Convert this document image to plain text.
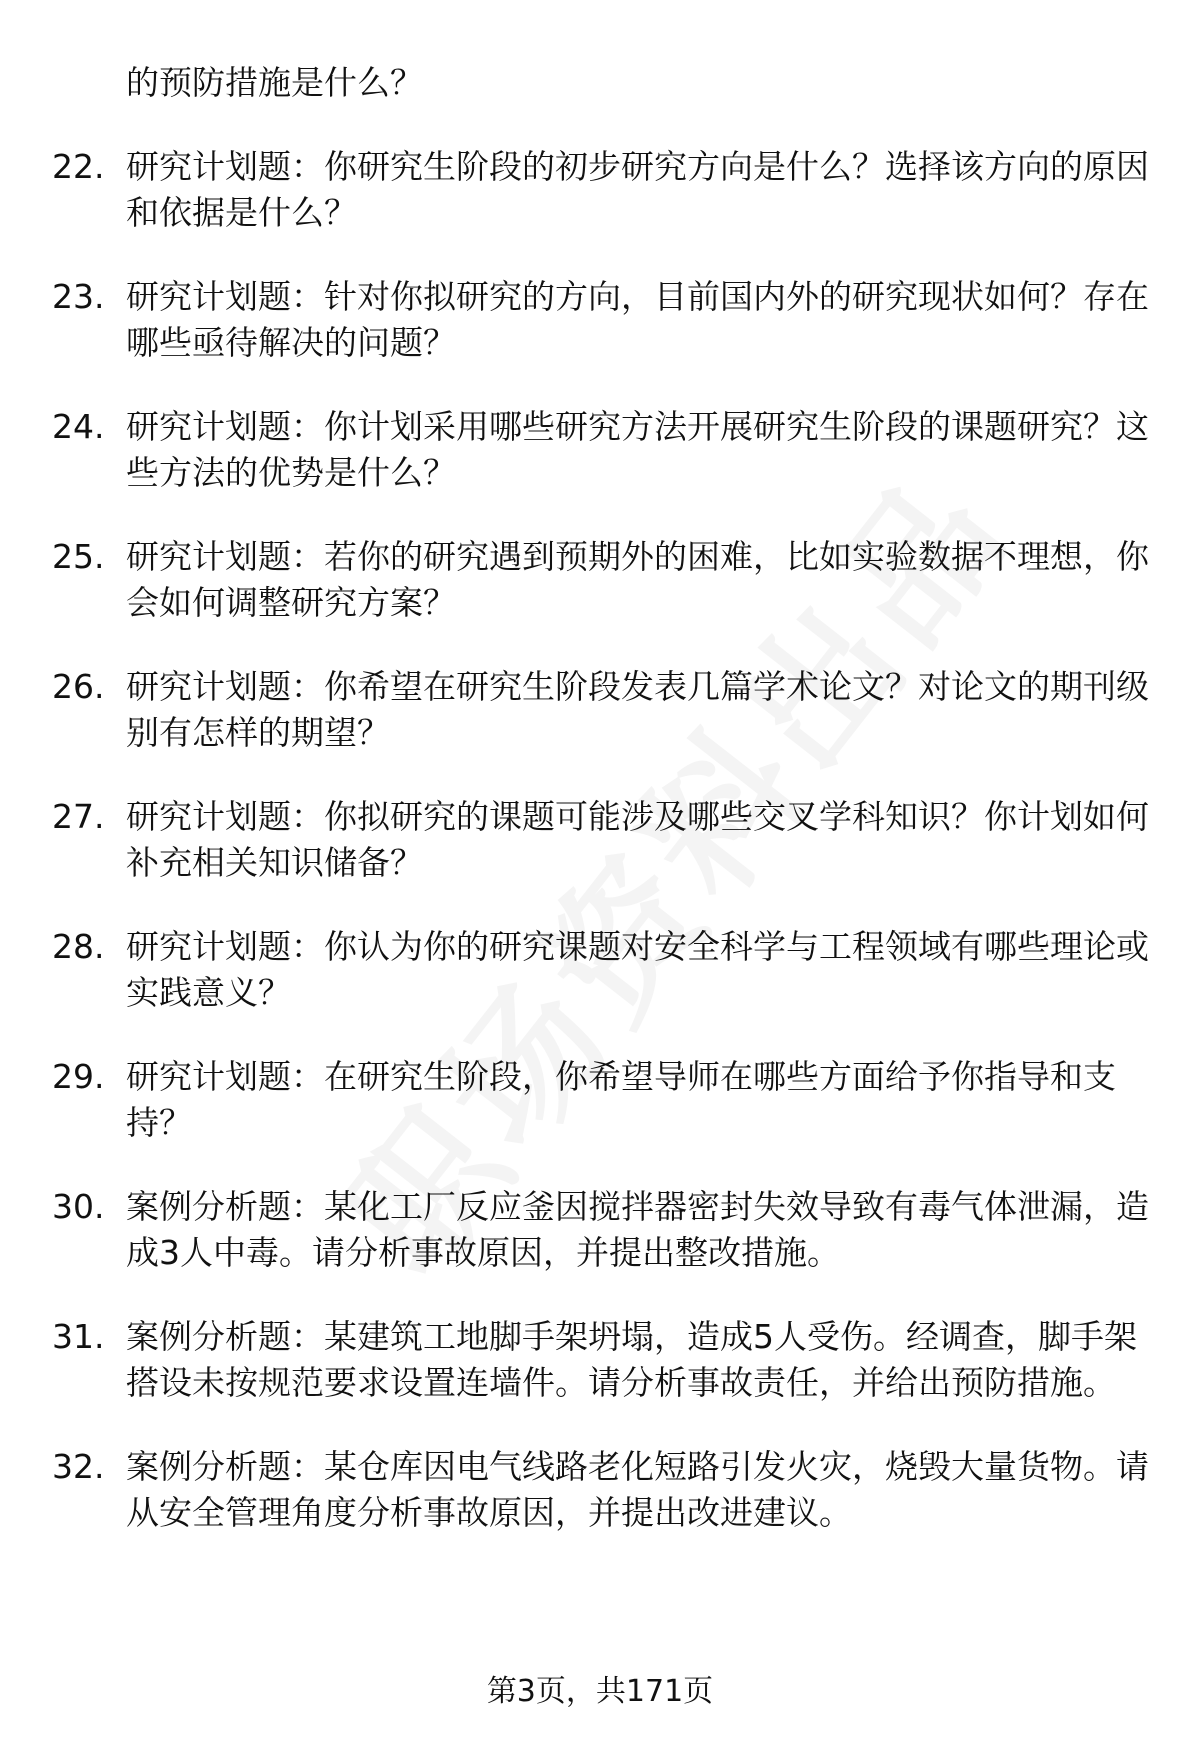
的预防措施是什么？
22. 研究计划题：你研究生阶段的初步研究方向是什么？选择该方向的原因和依据是什么？
23. 研究计划题：针对你拟研究的方向，目前国内外的研究现状如何？存在哪些亟待解决的问题？
24. 研究计划题：你计划采用哪些研究方法开展研究生阶段的课题研究？这些方法的优势是什么？
25. 研究计划题：若你的研究遇到预期外的困难，比如实验数据不理想，你会如何调整研究方案？
26. 研究计划题：你希望在研究生阶段发表几篇学术论文？对论文的期刊级别有怎样的期望？
27. 研究计划题：你拟研究的课题可能涉及哪些交叉学科知识？你计划如何补充相关知识储备？
28. 研究计划题：你认为你的研究课题对安全科学与工程领域有哪些理论或实践意义？
29. 研究计划题：在研究生阶段，你希望导师在哪些方面给予你指导和支持？
30. 案例分析题：某化工厂反应釜因搅拌器密封失效导致有毒气体泄漏，造成3人中毒。请分析事故原因，并提出整改措施。
31. 案例分析题：某建筑工地脚手架坍塌，造成5人受伤。经调查，脚手架搭设未按规范要求设置连墙件。请分析事故责任，并给出预防措施。
32. 案例分析题：某仓库因电气线路老化短路引发火灾，烧毁大量货物。请从安全管理角度分析事故原因，并提出改进建议。
第3页，共171页
